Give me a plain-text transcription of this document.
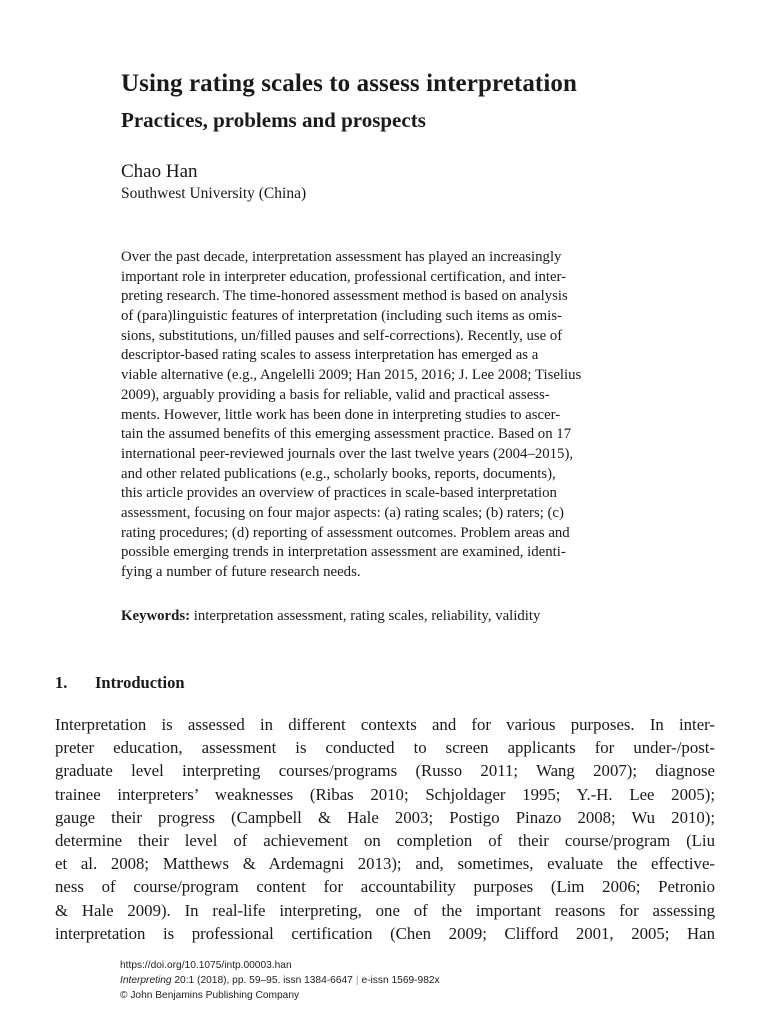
Using rating scales to assess interpretation
Practices, problems and prospects
Chao Han
Southwest University (China)
Over the past decade, interpretation assessment has played an increasingly
important role in interpreter education, professional certification, and inter-
preting research. The time-honored assessment method is based on analysis
of (para)linguistic features of interpretation (including such items as omis-
sions, substitutions, un/filled pauses and self-corrections). Recently, use of
descriptor-based rating scales to assess interpretation has emerged as a
viable alternative (e.g., Angelelli 2009; Han 2015, 2016; J. Lee 2008; Tiselius
2009), arguably providing a basis for reliable, valid and practical assess-
ments. However, little work has been done in interpreting studies to ascer-
tain the assumed benefits of this emerging assessment practice. Based on 17
international peer-reviewed journals over the last twelve years (2004–2015),
and other related publications (e.g., scholarly books, reports, documents),
this article provides an overview of practices in scale-based interpretation
assessment, focusing on four major aspects: (a) rating scales; (b) raters; (c)
rating procedures; (d) reporting of assessment outcomes. Problem areas and
possible emerging trends in interpretation assessment are examined, identi-
fying a number of future research needs.
Keywords: interpretation assessment, rating scales, reliability, validity
1. Introduction
Interpretation is assessed in different contexts and for various purposes. In inter-
preter education, assessment is conducted to screen applicants for under-/post-
graduate level interpreting courses/programs (Russo 2011; Wang 2007); diagnose
trainee interpreters’ weaknesses (Ribas 2010; Schjoldager 1995; Y.-H. Lee 2005);
gauge their progress (Campbell & Hale 2003; Postigo Pinazo 2008; Wu 2010);
determine their level of achievement on completion of their course/program (Liu
et al. 2008; Matthews & Ardemagni 2013); and, sometimes, evaluate the effective-
ness of course/program content for accountability purposes (Lim 2006; Petronio
& Hale 2009). In real-life interpreting, one of the important reasons for assessing
interpretation is professional certification (Chen 2009; Clifford 2001, 2005; Han
https://doi.org/10.1075/intp.00003.han
Interpreting 20:1 (2018), pp. 59–95. issn 1384-6647 | e-issn 1569-982x
© John Benjamins Publishing Company
